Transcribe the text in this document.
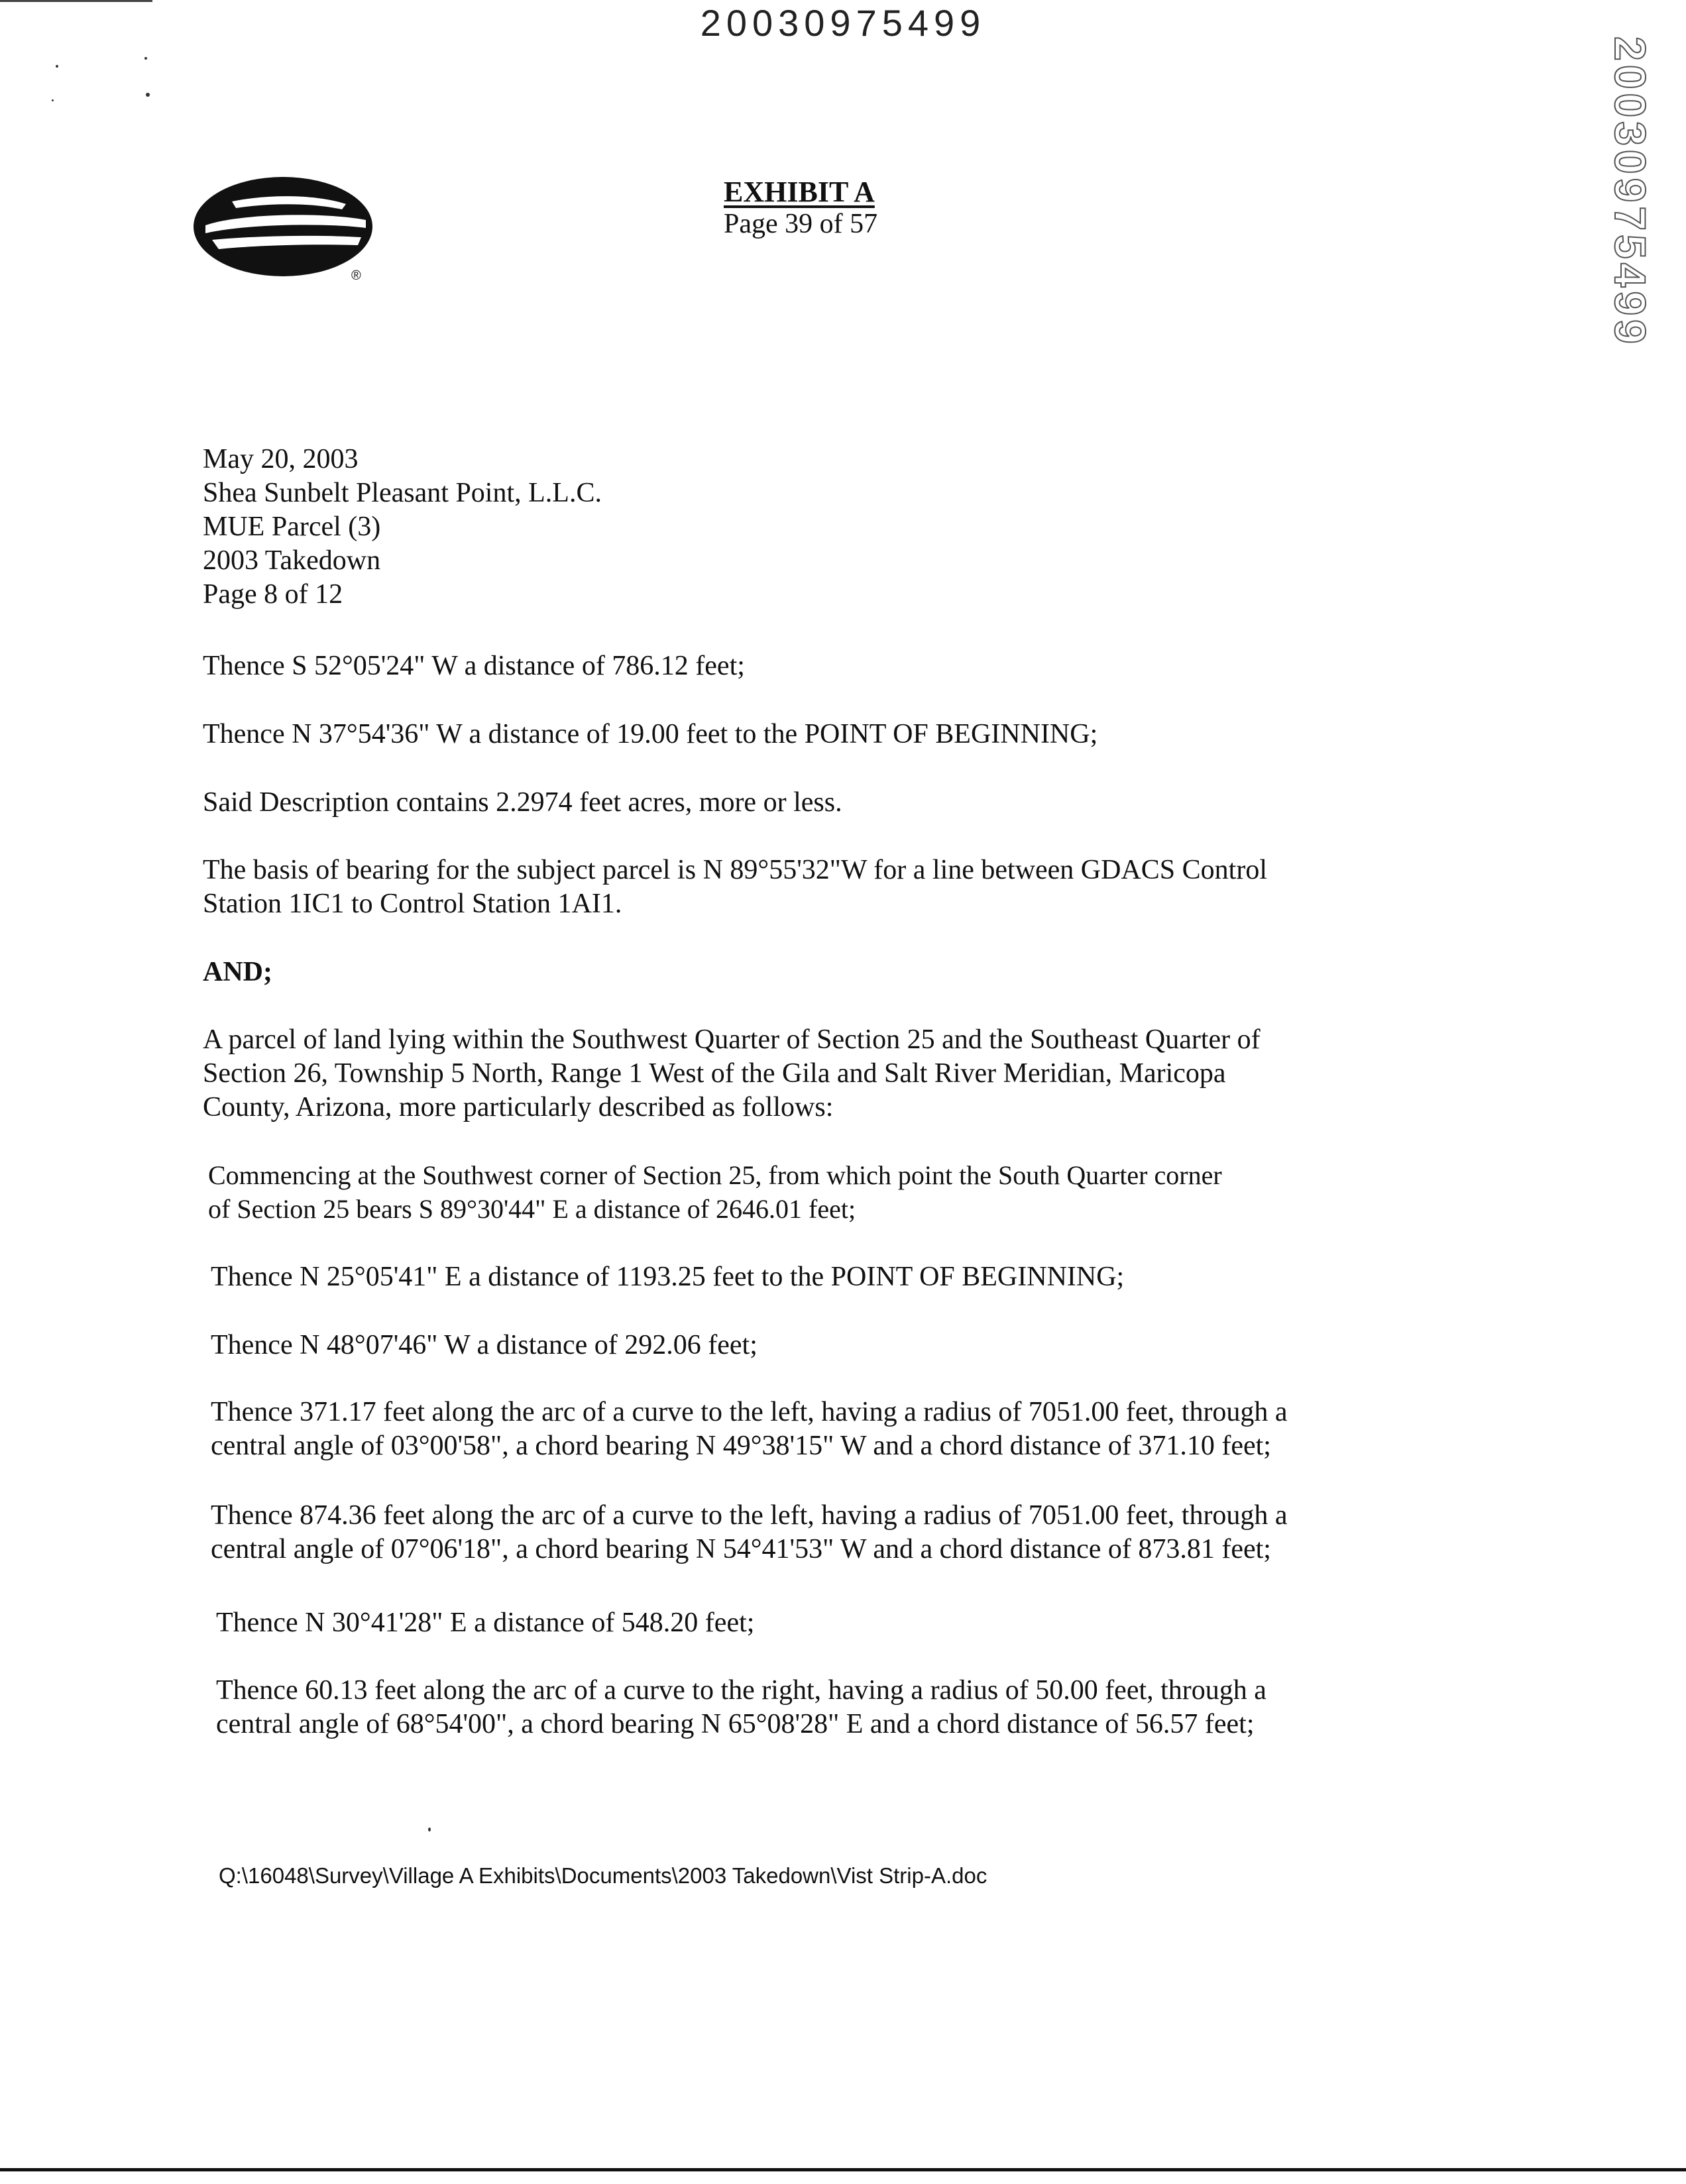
20030975499
20030975499
®
EXHIBIT A
Page 39 of 57
May 20, 2003
Shea Sunbelt Pleasant Point, L.L.C.
MUE Parcel (3)
2003 Takedown
Page 8 of 12
Thence S 52°05'24" W a distance of 786.12 feet;
Thence N 37°54'36" W a distance of 19.00 feet to the POINT OF BEGINNING;
Said Description contains 2.2974 feet acres, more or less.
The basis of bearing for the subject parcel is N 89°55'32"W for a line between GDACS Control
Station 1IC1 to Control Station 1AI1.
AND;
A parcel of land lying within the Southwest Quarter of Section 25 and the Southeast Quarter of
Section 26, Township 5 North, Range 1 West of the Gila and Salt River Meridian, Maricopa
County, Arizona, more particularly described as follows:
Commencing at the Southwest corner of Section 25, from which point the South Quarter corner
of Section 25 bears S 89°30'44" E a distance of 2646.01 feet;
Thence N 25°05'41" E a distance of 1193.25 feet to the POINT OF BEGINNING;
Thence N 48°07'46" W a distance of 292.06 feet;
Thence 371.17 feet along the arc of a curve to the left, having a radius of 7051.00 feet, through a
central angle of 03°00'58", a chord bearing N 49°38'15" W and a chord distance of 371.10 feet;
Thence 874.36 feet along the arc of a curve to the left, having a radius of 7051.00 feet, through a
central angle of 07°06'18", a chord bearing N 54°41'53" W and a chord distance of 873.81 feet;
Thence N 30°41'28" E a distance of 548.20 feet;
Thence 60.13 feet along the arc of a curve to the right, having a radius of 50.00 feet, through a
central angle of 68°54'00", a chord bearing N 65°08'28" E and a chord distance of 56.57 feet;
Q:\16048\Survey\Village A Exhibits\Documents\2003 Takedown\Vist Strip-A.doc
